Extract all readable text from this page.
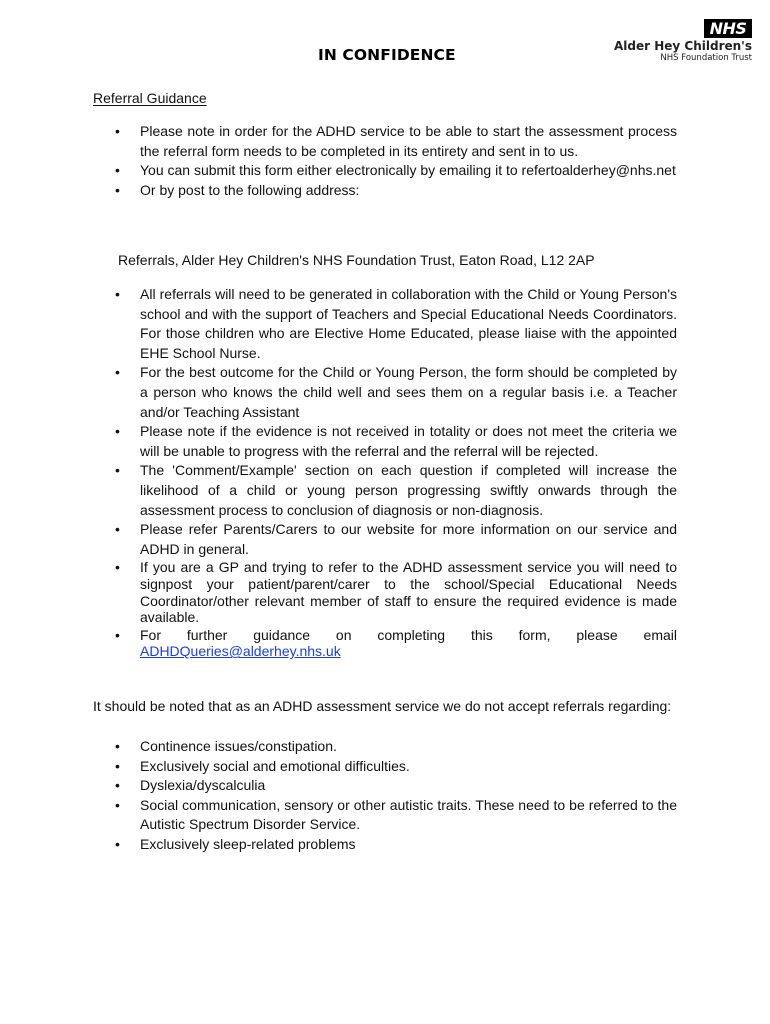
IN CONFIDENCE
NHS
Alder Hey Children's
NHS Foundation Trust
Referral Guidance
• Please note in order for the ADHD service to be able to start the assessment process the referral form needs to be completed in its entirety and sent in to us.
• You can submit this form either electronically by emailing it to refertoalderhey@nhs.net
• Or by post to the following address:
Referrals, Alder Hey Children's NHS Foundation Trust, Eaton Road, L12 2AP
• All referrals will need to be generated in collaboration with the Child or Young Person's school and with the support of Teachers and Special Educational Needs Coordinators. For those children who are Elective Home Educated, please liaise with the appointed EHE School Nurse.
• For the best outcome for the Child or Young Person, the form should be completed by a person who knows the child well and sees them on a regular basis i.e. a Teacher and/or Teaching Assistant
• Please note if the evidence is not received in totality or does not meet the criteria we will be unable to progress with the referral and the referral will be rejected.
• The 'Comment/Example' section on each question if completed will increase the likelihood of a child or young person progressing swiftly onwards through the assessment process to conclusion of diagnosis or non-diagnosis.
• Please refer Parents/Carers to our website for more information on our service and ADHD in general.
• If you are a GP and trying to refer to the ADHD assessment service you will need to signpost your patient/parent/carer to the school/Special Educational Needs Coordinator/other relevant member of staff to ensure the required evidence is made available.
• For further guidance on completing this form, please email ADHDQueries@alderhey.nhs.uk
It should be noted that as an ADHD assessment service we do not accept referrals regarding:
• Continence issues/constipation.
• Exclusively social and emotional difficulties.
• Dyslexia/dyscalculia
• Social communication, sensory or other autistic traits. These need to be referred to the Autistic Spectrum Disorder Service.
• Exclusively sleep-related problems
